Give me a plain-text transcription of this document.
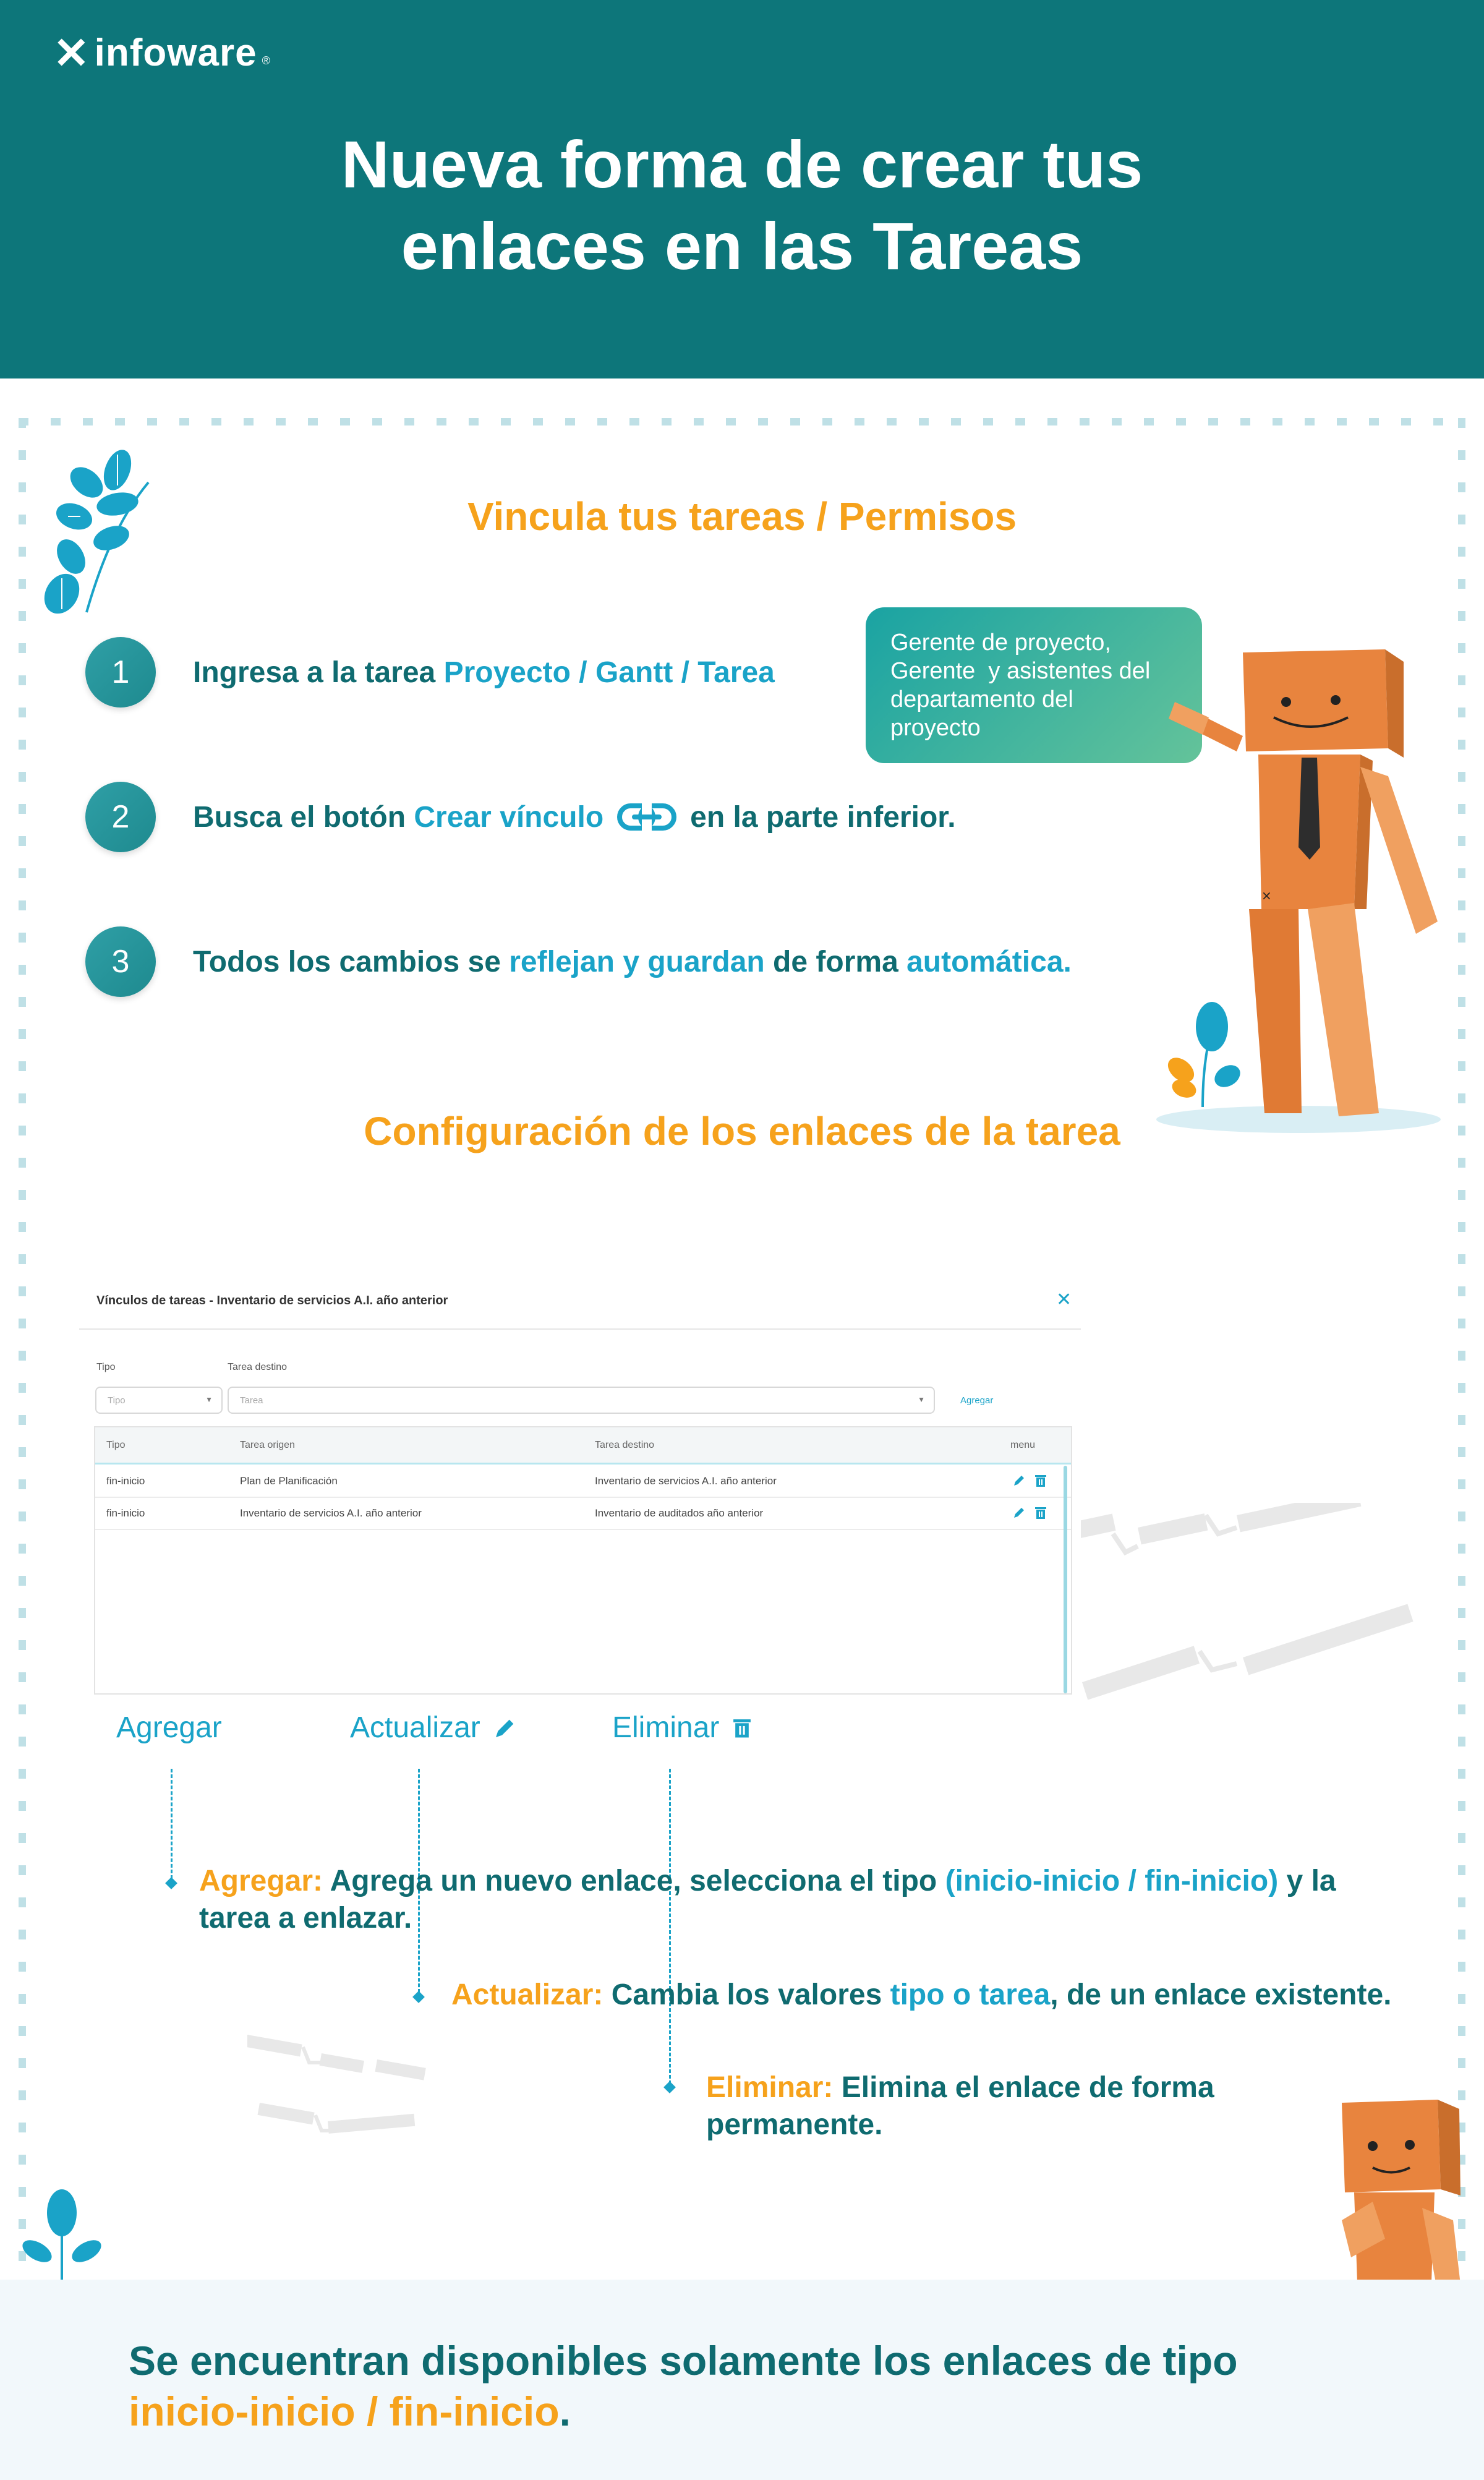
✕ infoware ®
Nueva forma de crear tus
enlaces en las Tareas
Vincula tus tareas / Permisos
1	Ingresa a la tarea Proyecto / Gantt / Tarea
2	Busca el botón Crear vínculo	en la parte inferior.
3	Todos los cambios se reflejan y guardan de forma automática.
Gerente de proyecto,
Gerente  y asistentes del
departamento del
proyecto
×
Configuración de los enlaces de la tarea
Vínculos de tareas - Inventario de servicios A.I. año anterior	✕
Tipo	Tarea destino
Tipo	▼	Tarea	▼	Agregar
Tipo	Tarea origen	Tarea destino	menu
fin-inicio	Plan de Planificación	Inventario de servicios A.I. año anterior
fin-inicio	Inventario de servicios A.I. año anterior	Inventario de auditados año anterior
Agregar	Actualizar	Eliminar
Agregar: Agrega un nuevo enlace, selecciona el tipo (inicio-inicio / fin-inicio) y la
tarea a enlazar.
Actualizar: Cambia los valores tipo o tarea, de un enlace existente.
Eliminar: Elimina el enlace de forma
permanente.
Se encuentran disponibles solamente los enlaces de tipo
inicio-inicio / fin-inicio.
